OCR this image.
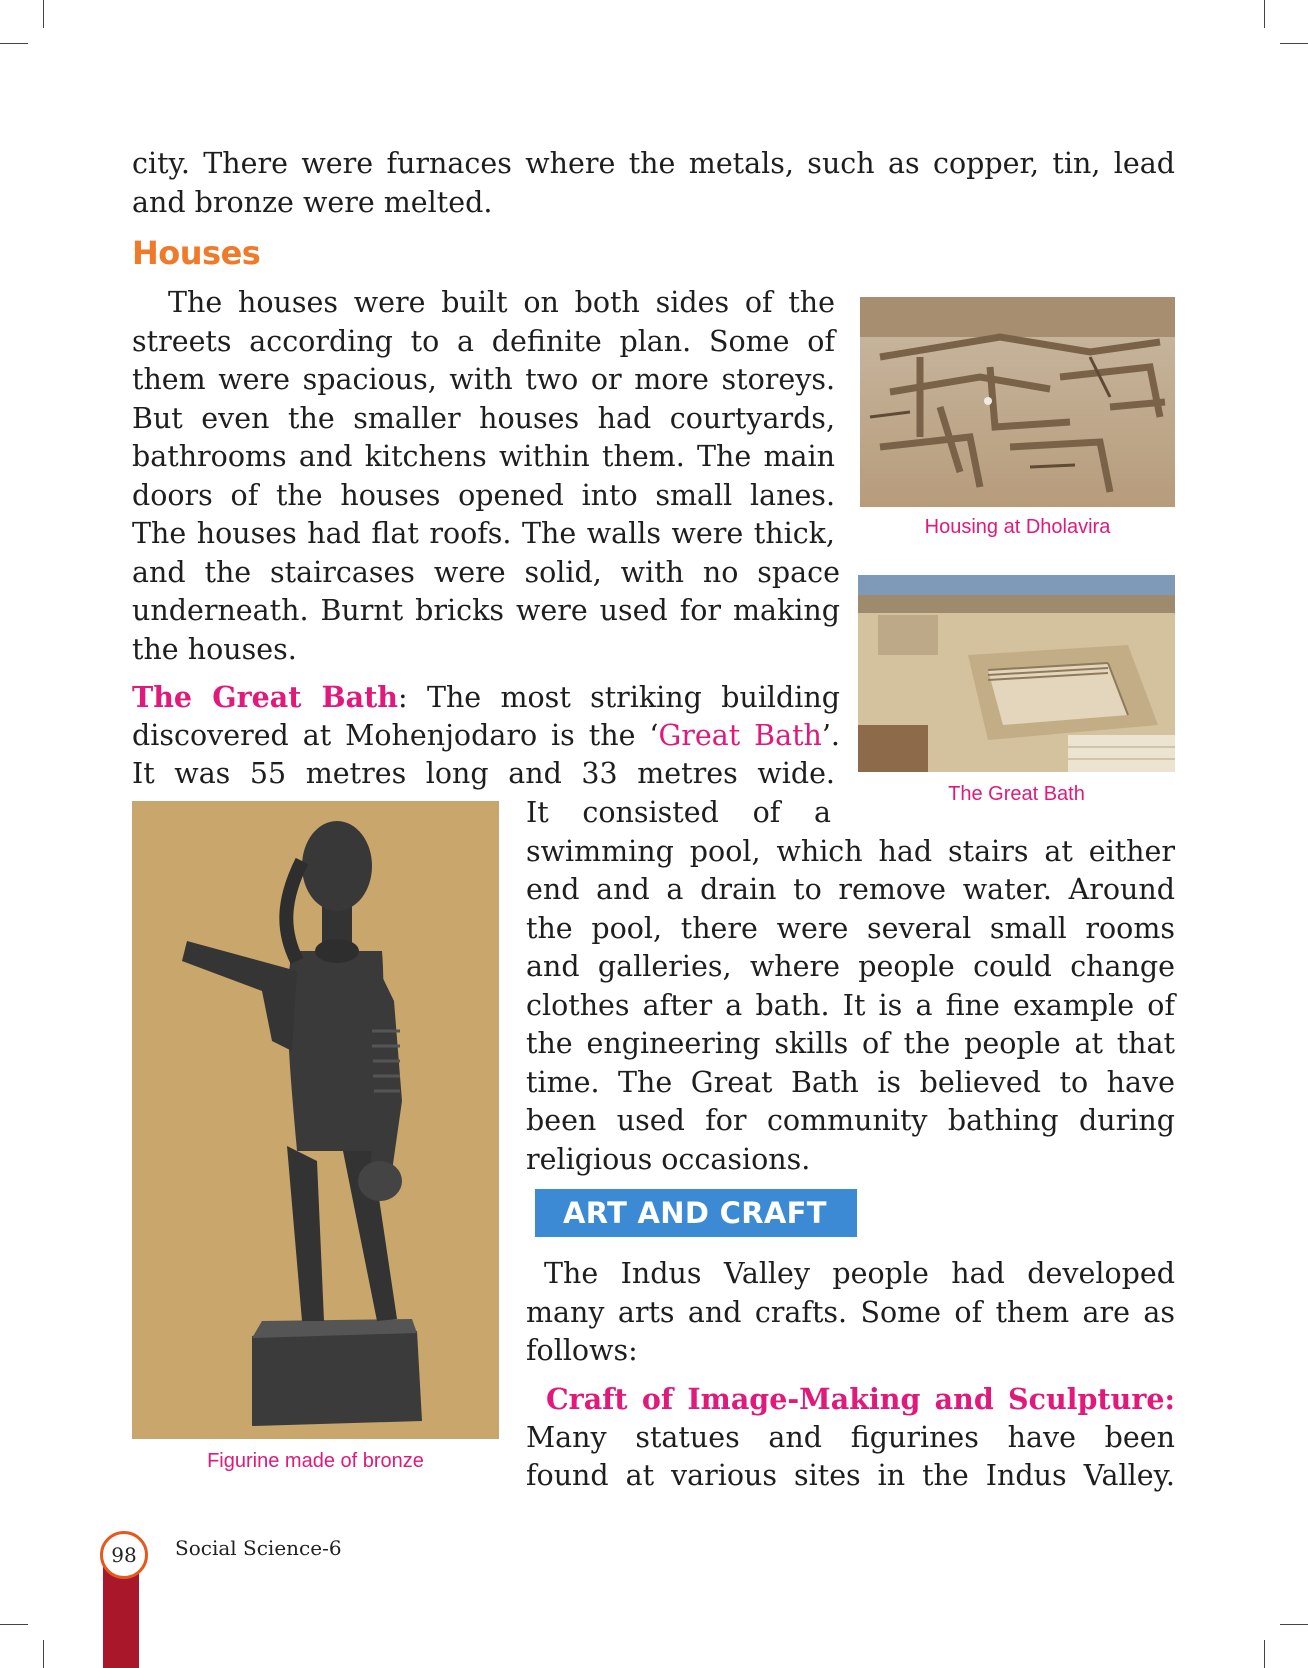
city. There were furnaces where the metals, such as copper, tin, lead
and bronze were melted.
Houses
The houses were built on both sides of the
streets according to a definite plan. Some of
them were spacious, with two or more storeys.
But even the smaller houses had courtyards,
bathrooms and kitchens within them. The main
doors of the houses opened into small lanes.
The houses had flat roofs. The walls were thick,
and the staircases were solid, with no space
underneath. Burnt bricks were used for making
the houses.
The Great Bath: The most striking building
discovered at Mohenjodaro is the ‘Great Bath’.
It was 55 metres long and 33 metres wide.
It consisted of a
swimming pool, which had stairs at either
end and a drain to remove water. Around
the pool, there were several small rooms
and galleries, where people could change
clothes after a bath. It is a fine example of
the engineering skills of the people at that
time. The Great Bath is believed to have
been used for community bathing during
religious occasions.
ART AND CRAFT
The Indus Valley people had developed
many arts and crafts. Some of them are as
follows:
Craft of Image-Making and Sculpture:
Many statues and figurines have been
found at various sites in the Indus Valley.
Housing at Dholavira
The Great Bath
Figurine made of bronze
98	Social Science-6
